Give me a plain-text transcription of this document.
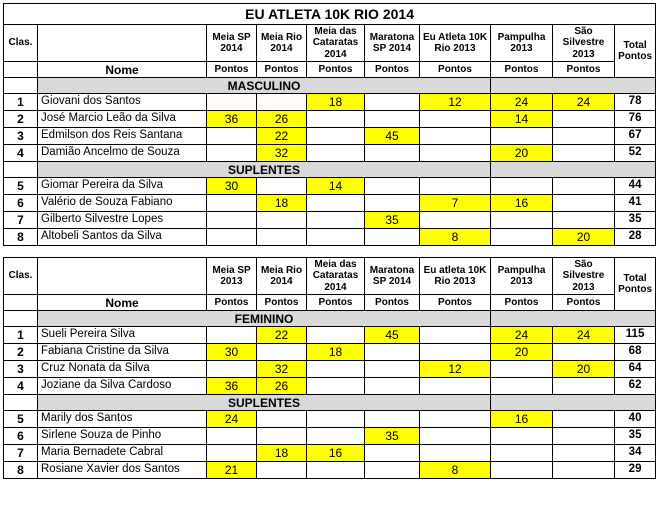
EU ATLETA 10K RIO 2014									
Clas.		Meia SP 2014	Meia Rio 2014	Meia das Cataratas 2014	Maratona SP 2014	Eu Atleta 10K Rio 2013	Pampulha 2013	São Silvestre 2013	Total Pontos
	Nome	Pontos	Pontos	Pontos	Pontos	Pontos	Pontos	Pontos	
	MASCULINO								
1	Giovani dos Santos			18		12	24	24	78
2	José Marcio Leão da Silva	36	26				14		76
3	Edmilson dos Reis Santana		22		45				67
4	Damião Ancelmo de Souza		32				20		52
	SUPLENTES								
5	Giomar Pereira da Silva	30		14					44
6	Valério de Souza Fabiano		18			7	16		41
7	Gilberto Silvestre Lopes				35				35
8	Altobeli Santos da Silva					8		20	28

Clas.		Meia SP 2013	Meia Rio 2014	Meia das Cataratas 2014	Maratona SP 2014	Eu atleta 10K Rio 2013	Pampulha 2013	São Silvestre 2013	Total Pontos
	Nome	Pontos	Pontos	Pontos	Pontos	Pontos	Pontos	Pontos	
	FEMININO								
1	Sueli Pereira Silva		22		45		24	24	115
2	Fabiana Cristine da Silva	30		18			20		68
3	Cruz Nonata da Silva		32			12		20	64
4	Joziane da Silva Cardoso	36	26						62
	SUPLENTES								
5	Marily dos Santos	24					16		40
6	Sirlene Souza de Pinho				35				35
7	Maria Bernadete Cabral		18	16					34
8	Rosiane Xavier dos Santos	21				8			29
